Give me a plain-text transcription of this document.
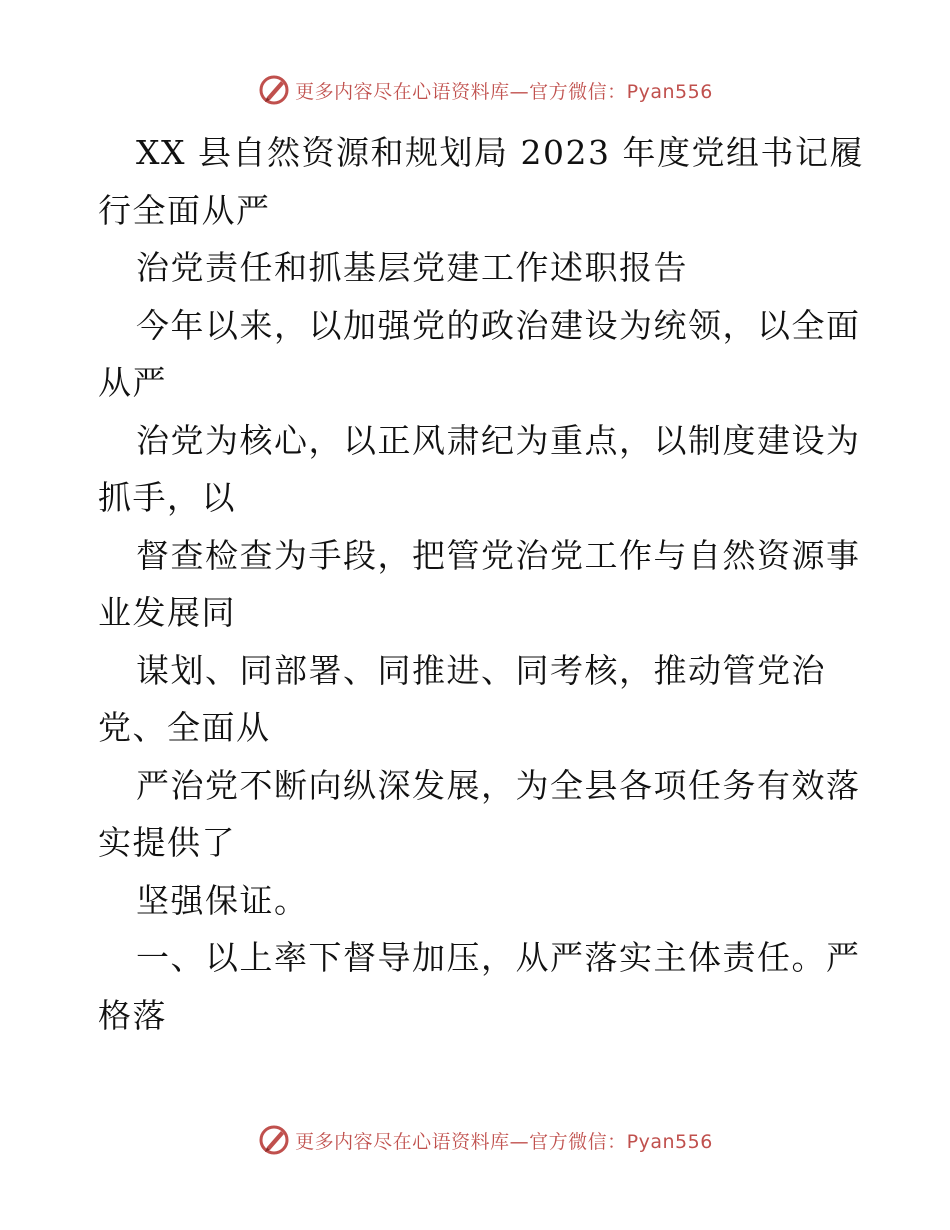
更多内容尽在心语资料库—官方微信：Pyan556
XX 县自然资源和规划局 2023 年度党组书记履
行全面从严
治党责任和抓基层党建工作述职报告
今年以来，以加强党的政治建设为统领，以全面
从严
治党为核心，以正风肃纪为重点，以制度建设为
抓手，以
督查检查为手段，把管党治党工作与自然资源事
业发展同
谋划、同部署、同推进、同考核，推动管党治
党、全面从
严治党不断向纵深发展，为全县各项任务有效落
实提供了
坚强保证。
一、以上率下督导加压，从严落实主体责任。严
格落
更多内容尽在心语资料库—官方微信：Pyan556
